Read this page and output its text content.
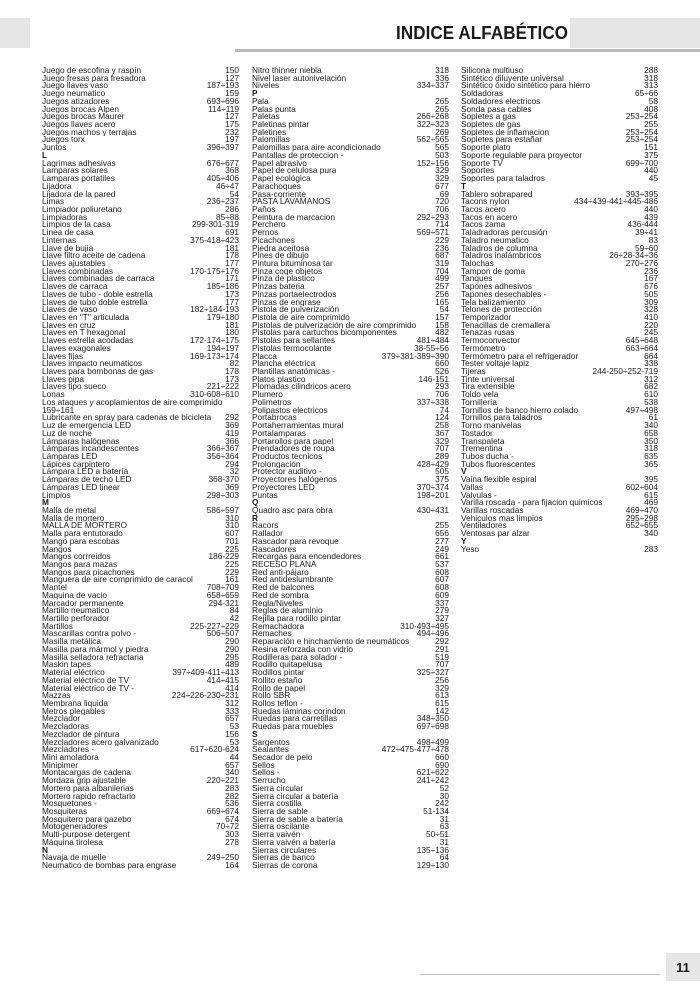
INDICE ALFABÉTICO
Juego de escofina y raspín	150
Juego fresas para fresadora	127
Juego llaves vaso	187÷193
Juego neumatico	159
Juegos atizadores	693÷696
Juegos brocas Alpen	114÷119
Juegos brocas Maurer	127
Juegos llaves acero	175
Juegos machos y terrajas	232
Juegos torx	197
Juntos	396÷397
L
Lagrimas adhesivas	676÷677
Lamparas solares	368
Lamparas portatiles	405÷406
Lijadora	46÷47
Lijadora de la pared	54
Limas	236÷237
Limpiador poliuretano	286
Limpiadoras	85÷88
Limpios de la casa	299-301-319
Linea de casa	691
Linternas	375-418÷423
Llave de bujia	181
Llave filtro aceite de cadena	178
Llaves ajustables	177
Llaves combinadas	170-175÷176
Llaves combinadas de carraca	171
Llaves de carraca	185÷186
Llaves de tubo - doble estrella	173
Llaves de tubo doble estrella	177
Llaves de vaso	182÷184-193
Llaves en "T" articulada	179÷180
Llaves en cruz	181
Llaves en T hexagonal	180
Llaves estrella acodadas	172-174÷175
Llaves exagonales	194÷197
Llaves fijas	169-173÷174
Llaves impacto neumaticos	82
Llaves para bombonas de gas	178
Llaves pipa	173
Llaves tipo sueco	221÷222
Lonas	310-608÷610
Los ataques y acoplamientos de aire comprimido
159÷161
Lubricante en spray para cadenas de bicicleta	292
Luz de emergencia LED	369
Luz de noche	419
Lámparas halógenas	366
Lámparas incandescentes	366÷367
Lámparas LED	356÷364
Lápices carpintero	294
Lámpara LED a batería	32
Lámparas de techo LED	368-370
Lámparas LED linear	369
Limpios	298÷303
M
Malla de metal	586÷597
Malla de mortero	310
MALLA DE MORTERO	310
Malla para entutorado	607
Mango para escobas	701
Mangos	225
Mangos corrreidos	186-229
Mangos para mazas	225
Mangos para picachones	229
Manguera de aire comprimido de caracol	161
Mantel	708÷709
Maquina de vacio	658÷659
Marcador permanente	294-321
Martillo neumatico	84
Martillo perforador	42
Martillos	225-227÷229
Mascarillas contra polvo -	506÷507
Masilla metálica	290
Masilla para mármol y piedra	290
Masilla selladora refractaria	295
Maskin tapes	489
Material eléctrico	397÷409-411÷413
Material eléctrico de TV	414÷415
Material eléctrico de TV -	414
Mazzas	224÷226-230÷231
Membrana liquida	312
Metros plegables	333
Mezclador	657
Mezcladoras	53
Mezclador de pintura	156
Mezcladores acero galvanizado	53
Mezcladores -	617÷620-624
Mini amoladora	44
Minipimer	657
Montacargas de cadena	340
Mordaza grip ajustable	220÷221
Mortero para albanilerias	283
Mortero rapido refractario	282
Mosquetones -	536
Mosquiteras	669÷674
Mosquitero para gazebo	674
Motogeneradores	70÷72
Multi-purpose detergent	303
Máquina tirolesa	278
N
Navaja de muelle	249÷250
Neumatico de bombas para engrase	164
Nitro thinner niebla	318
Nivel laser autonivelación	336
Niveles	334÷337
P
Pala	265
Palas punta	265
Paletas	266÷268
Paletinas pintar	322÷323
Paletines	269
Palomillas	562÷565
Palomillas para aire acondicionado	565
Pantallas de proteccion -	503
Papel abrasivo	152÷156
Papel de celulosa pura	329
Papel ecológica	329
Parachoques	677
Pasa-corriente	69
PASTA LAVAMANOS	720
Paños	706
Peintura de marcacion	292÷293
Perchero	714
Pernos	569÷571
Picachones	229
Piedra aceitosa	236
Pines de dibujo	687
Pintura bituminosa tar	319
Pinza coge objetos	704
Pinza de plastico	499
Pinzas bateria	257
Pinzas portaelectrodos	256
Pinzas de engrase	165
Pistola de pulverización	54
Pistola de aire comprimido	157
Pistolas de pulverización de aire comprimido	158
Pistolas para cartuchos bicomponentes	482
Pistolas para sellantes	481÷484
Pistolas termocolante	38-55÷56
Placca	379÷381-389÷390
Plancha eléctrica	660
Plantillas anatómicas -	526
Platos plastico	146-151
Plomadas cilindricos acero	293
Plumero	706
Polimetros	337÷338
Polipastos electricos	74
Portabrocas	124
Portaherramientas mural	258
Portalamparas	367
Portarollos para papel	329
Prendadores de roupa	707
Productos tecnicos	289
Prolongación	428÷429
Protector auditivo -	505
Proyectores halógenos	375
Proyectores LED	370÷374
Puntas	198÷201
Q
Quadro asc para obra	430÷431
R
Racors	255
Rallador	656
Rascador para revoque	277
Rascadores	249
Recargas para encendedores	661
RECESO PLANA	537
Red anti-pájaro	608
Red antideslumbrante	607
Red de balcones	608
Red de sombra	609
Regla/Niveles	337
Reglas de aluminio	279
Rejilla para rodillo pintar	327
Remachadora	310-493÷495
Remaches	494÷496
Reparación e hinchamiento de neumáticos	292
Resina reforzada con vidrio	291
Rodilleras para solador -	519
Rodillo quitapelusa	707
Rodillos pintar	325÷327
Rollito estaño	256
Rollo de papel	329
Rollo SBR	613
Rollos teflon -	615
Ruedas láminas corindon	142
Ruedas para carretillas	348÷350
Ruedas para muebles	697÷698
S
Sargentos	498÷499
Sealantes	472÷475-477÷478
Secador de pelo	660
Sellos	690
Sellos -	621÷622
Serrucho	241÷242
Sierra circular	52
Sierra circular a batería	30
Sierra costilla	242
Sierra de sable	51-134
Sierra de sable a batería	31
Sierra oscilante	63
Sierra vaivén	50÷51
Sierra vaivén a batería	31
Sierras circulares	135÷136
Sierras de banco	64
Sierras de corona	129÷130
Silicona multiuso	288
Sintético diluyente universal	318
Sintético óxido sintético para hierro	313
Soldadoras	65÷66
Soldadores electricos	58
Sonda pasa cables	408
Sopletes a gas	253÷254
Sopletes de gas	255
Sopletes de inflamacion	253÷254
Sopletes para estañar	253÷254
Soporte plato	151
Soporte regulable para proyector	375
Soporte TV	699÷700
Soportes	440
Soportes para taladros	45
T
Tablero sobrapared	393÷395
Tacons nylon	434÷439-441÷445-486
Tacos acero	440
Tacos en acero	439
Tacos zama	436-444
Taladradoras percusión	39÷41
Taladro neumatico	83
Taladros de columna	59÷60
Taladros inalámbricos	26÷28-34÷36
Talochas	270÷276
Tampon de goma	236
Tanques	167
Tapones adhesivos	676
Tapones desechables -	505
Tela balizamiento	309
Telones de protección	328
Temporizador	410
Tenacillas de cremallera	220
Tenazas rusas	245
Termoconvector	645÷648
Termómetro	663÷664
Termómetro para el refrigerador	664
Tester voltaje lapiz	338
Tijeras	244-250÷252-719
Tinte universal	312
Tira extensible	682
Toldo vela	610
Tornillería	538
Tornillos de banco hierro colado	497÷498
Tornillos para taladros	61
Torno manivelas	340
Tostador	658
Transpaleta	350
Trementina	318
Tubos ducha -	635
Tubos fluorescentes	365
V
Vaina flexible espiral	395
Vallas	602÷604
Valvulas -	615
Varilla roscada - para fijacion quimicos	469
Varillas roscadas	469÷470
Vehiculos mas limpios	295÷298
Ventiladores	652÷655
Ventosas par alzar	340
Y
Yeso	283
11
